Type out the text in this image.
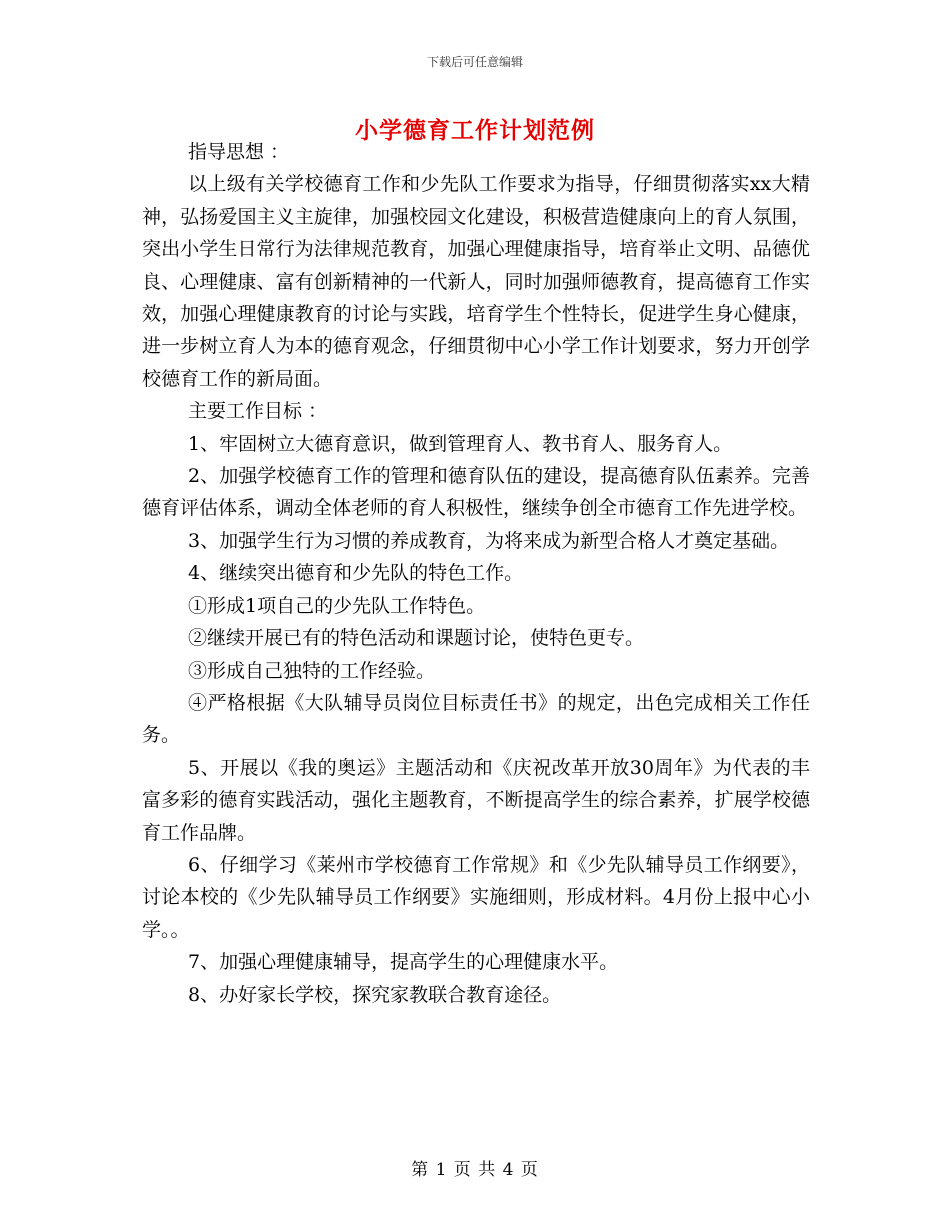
下载后可任意编辑
小学德育工作计划范例

指导思想 ：

以上级有关学校德育工作和少先队工作要求为指导，仔细贯彻落实xx大精神，弘扬爱国主义主旋律，加强校园文化建设，积极营造健康向上的育人氛围，突出小学生日常行为法律规范教育，加强心理健康指导，培育举止文明、品德优良、心理健康、富有创新精神的一代新人，同时加强师德教育，提高德育工作实效，加强心理健康教育的讨论与实践，培育学生个性特长，促进学生身心健康，进一步树立育人为本的德育观念，仔细贯彻中心小学工作计划要求，努力开创学校德育工作的新局面。

主要工作目标 ：

1、牢固树立大德育意识，做到管理育人、教书育人、服务育人。

2、加强学校德育工作的管理和德育队伍的建设，提高德育队伍素养。完善德育评估体系，调动全体老师的育人积极性，继续争创全市德育工作先进学校。

3、加强学生行为习惯的养成教育，为将来成为新型合格人才奠定基础。

4、继续突出德育和少先队的特色工作。

①形成1项自己的少先队工作特色。

②继续开展已有的特色活动和课题讨论，使特色更专。

③形成自己独特的工作经验。

④严格根据《大队辅导员岗位目标责任书》的规定，出色完成相关工作任务。

5、开展以《我的奥运》主题活动和《庆祝改革开放30周年》为代表的丰富多彩的德育实践活动，强化主题教育，不断提高学生的综合素养，扩展学校德育工作品牌。

6、仔细学习《莱州市学校德育工作常规》和《少先队辅导员工作纲要》，讨论本校的《少先队辅导员工作纲要》实施细则，形成材料。4月份上报中心小学。。

7、加强心理健康辅导，提高学生的心理健康水平。

8、办好家长学校，探究家教联合教育途径。

第 1 页 共 4 页
